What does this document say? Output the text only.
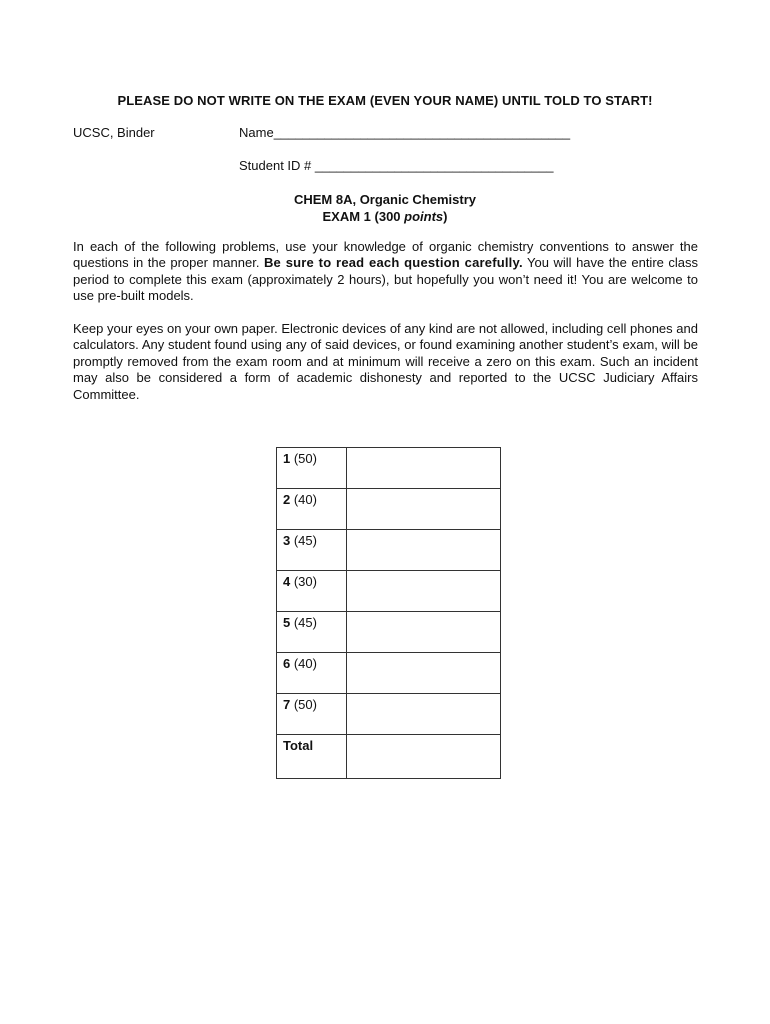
PLEASE DO NOT WRITE ON THE EXAM (EVEN YOUR NAME) UNTIL TOLD TO START!
UCSC, Binder	Name_________________________________________
Student ID # _________________________________
CHEM 8A, Organic Chemistry
EXAM 1 (300 points)
In each of the following problems, use your knowledge of organic chemistry conventions to answer the questions in the proper manner. Be sure to read each question carefully. You will have the entire class period to complete this exam (approximately 2 hours), but hopefully you won’t need it! You are welcome to use pre-built models.
Keep your eyes on your own paper. Electronic devices of any kind are not allowed, including cell phones and calculators. Any student found using any of said devices, or found examining another student’s exam, will be promptly removed from the exam room and at minimum will receive a zero on this exam. Such an incident may also be considered a form of academic dishonesty and reported to the UCSC Judiciary Affairs Committee.
1 (50)	
2 (40)	
3 (45)	
4 (30)	
5 (45)	
6 (40)	
7 (50)	
Total	
